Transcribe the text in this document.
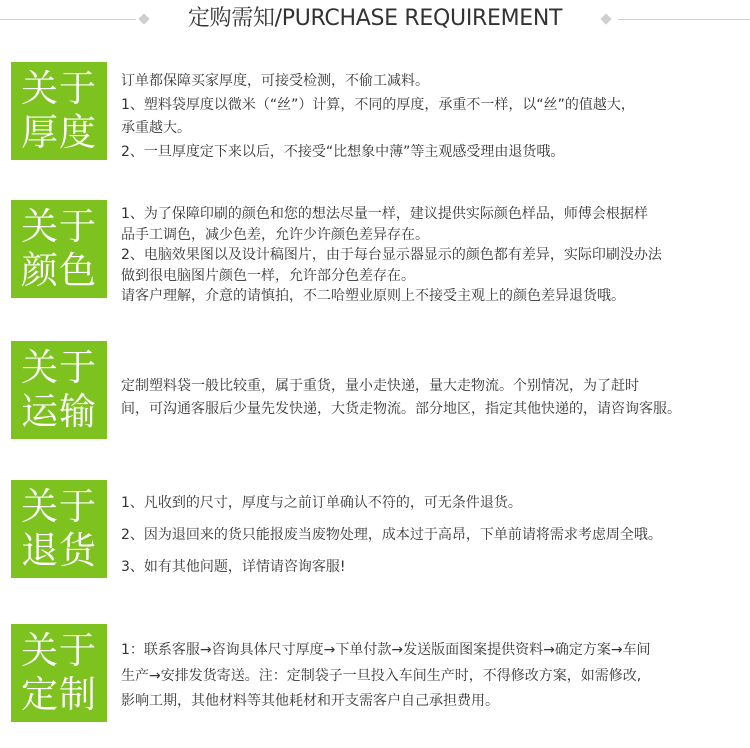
定购需知/PURCHASE REQUIREMENT
关于
厚度

订单都保障买家厚度，可接受检测，不偷工减料。

1、塑料袋厚度以微米（“丝”）计算，不同的厚度，承重不一样，以“丝”的值越大，

承重越大。

2、一旦厚度定下来以后，不接受“比想象中薄”等主观感受理由退货哦。

关于
颜色

1、为了保障印刷的颜色和您的想法尽量一样，建议提供实际颜色样品，师傅会根据样

品手工调色，减少色差，允许少许颜色差异存在。

2、电脑效果图以及设计稿图片，由于每台显示器显示的颜色都有差异，实际印刷没办法

做到很电脑图片颜色一样，允许部分色差存在。

请客户理解，介意的请慎拍，不二哈塑业原则上不接受主观上的颜色差异退货哦。

关于
运输

定制塑料袋一般比较重，属于重货，量小走快递，量大走物流。个别情况，为了赶时

间，可沟通客服后少量先发快递，大货走物流。部分地区，指定其他快递的，请咨询客服。

关于
退货

1、凡收到的尺寸，厚度与之前订单确认不符的，可无条件退货。

2、因为退回来的货只能报废当废物处理，成本过于高昂，下单前请将需求考虑周全哦。

3、如有其他问题，详情请咨询客服!

关于
定制

1：联系客服→咨询具体尺寸厚度→下单付款→发送版面图案提供资料→确定方案→车间

生产→安排发货寄送。注：定制袋子一旦投入车间生产时，不得修改方案，如需修改,

影响工期，其他材料等其他耗材和开支需客户自己承担费用。
